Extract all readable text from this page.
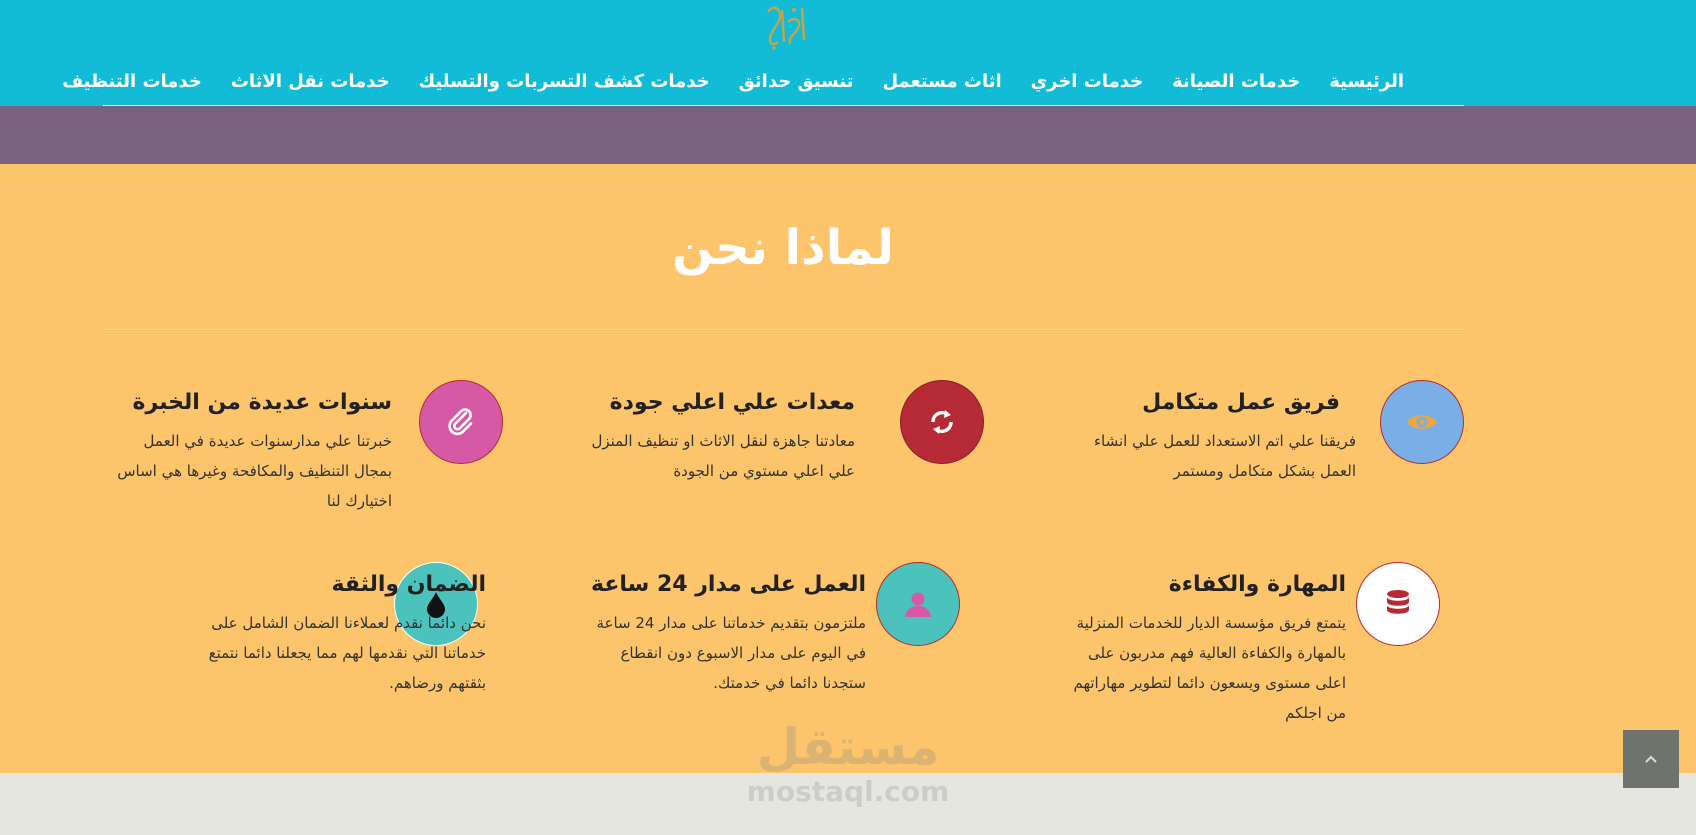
الرئيسية
خدمات الصيانة
خدمات اخري
اثاث مستعمل
تنسيق حدائق
خدمات كشف التسربات والتسليك
خدمات نقل الاثاث
خدمات التنظيف
لماذا نحن
فريق عمل متكامل
فريقنا علي اتم الاستعداد للعمل علي انشاء العمل بشكل متكامل ومستمر
معدات علي اعلي جودة
معادتنا جاهزة لنقل الاثاث او تنظيف المنزل علي اعلي مستوي من الجودة
سنوات عديدة من الخبرة
خبرتنا علي مدارسنوات عديدة في العمل بمجال التنظيف والمكافحة وغيرها هي اساس اختيارك لنا
المهارة والكفاءة
يتمتع فريق مؤسسة الديار للخدمات المنزلية بالمهارة والكفاءة العالية فهم مدربون على اعلى مستوى ويسعون دائما لتطوير مهاراتهم من اجلكم
العمل على مدار 24 ساعة
ملتزمون بتقديم خدماتنا على مدار 24 ساعة في اليوم على مدار الاسبوع دون انقطاع ستجدنا دائما في خدمتك.
الضمان والثقة
نحن دائما نقدم لعملاءنا الضمان الشامل على خدماتنا التي نقدمها لهم مما يجعلنا دائما نتمتع بثقتهم ورضاهم.
مستقل
mostaql.com
